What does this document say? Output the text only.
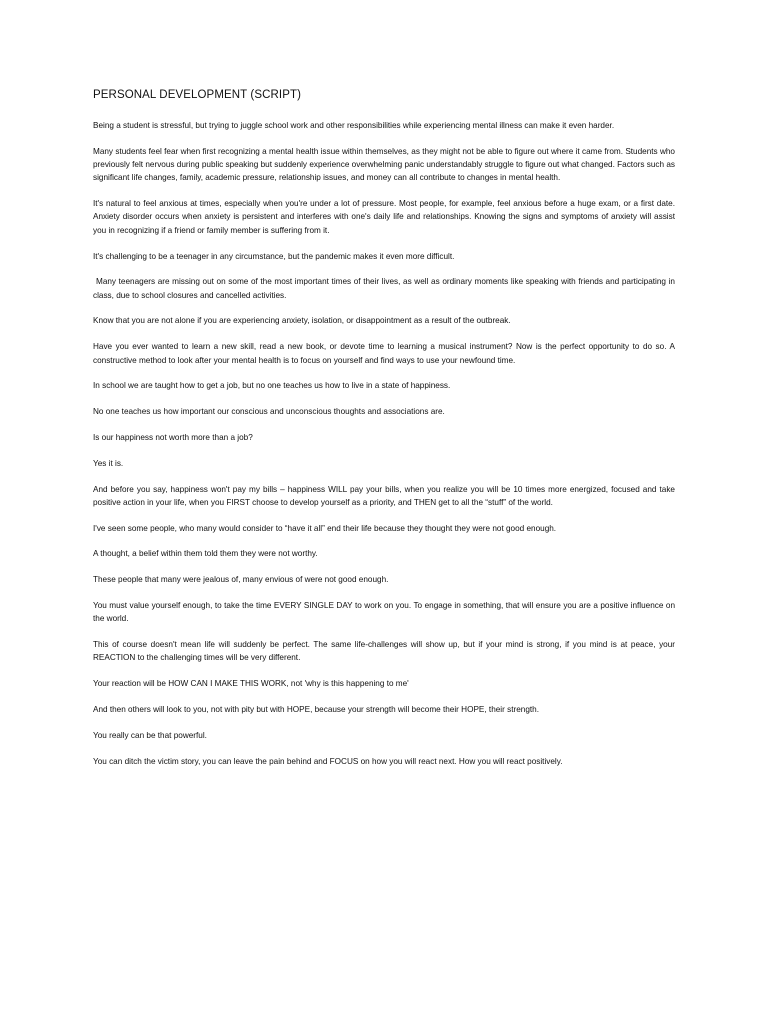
PERSONAL DEVELOPMENT (SCRIPT)

Being a student is stressful, but trying to juggle school work and other responsibilities while experiencing mental illness can make it even harder.

Many students feel fear when first recognizing a mental health issue within themselves, as they might not be able to figure out where it came from. Students who previously felt nervous during public speaking but suddenly experience overwhelming panic understandably struggle to figure out what changed. Factors such as significant life changes, family, academic pressure, relationship issues, and money can all contribute to changes in mental health.

It's natural to feel anxious at times, especially when you're under a lot of pressure. Most people, for example, feel anxious before a huge exam, or a first date. Anxiety disorder occurs when anxiety is persistent and interferes with one's daily life and relationships. Knowing the signs and symptoms of anxiety will assist you in recognizing if a friend or family member is suffering from it.

It's challenging to be a teenager in any circumstance, but the pandemic makes it even more difficult.

Many teenagers are missing out on some of the most important times of their lives, as well as ordinary moments like speaking with friends and participating in class, due to school closures and cancelled activities.

Know that you are not alone if you are experiencing anxiety, isolation, or disappointment as a result of the outbreak.

Have you ever wanted to learn a new skill, read a new book, or devote time to learning a musical instrument? Now is the perfect opportunity to do so. A constructive method to look after your mental health is to focus on yourself and find ways to use your newfound time.

In school we are taught how to get a job, but no one teaches us how to live in a state of happiness.

No one teaches us how important our conscious and unconscious thoughts and associations are.

Is our happiness not worth more than a job?

Yes it is.

And before you say, happiness won't pay my bills – happiness WILL pay your bills, when you realize you will be 10 times more energized, focused and take positive action in your life, when you FIRST choose to develop yourself as a priority, and THEN get to all the “stuff” of the world.

I've seen some people, who many would consider to “have it all” end their life because they thought they were not good enough.

A thought, a belief within them told them they were not worthy.

These people that many were jealous of, many envious of were not good enough.

You must value yourself enough, to take the time EVERY SINGLE DAY to work on you. To engage in something, that will ensure you are a positive influence on the world.

This of course doesn't mean life will suddenly be perfect. The same life-challenges will show up, but if your mind is strong, if you mind is at peace, your REACTION to the challenging times will be very different.

Your reaction will be HOW CAN I MAKE THIS WORK, not 'why is this happening to me'

And then others will look to you, not with pity but with HOPE, because your strength will become their HOPE, their strength.

You really can be that powerful.

You can ditch the victim story, you can leave the pain behind and FOCUS on how you will react next. How you will react positively.
